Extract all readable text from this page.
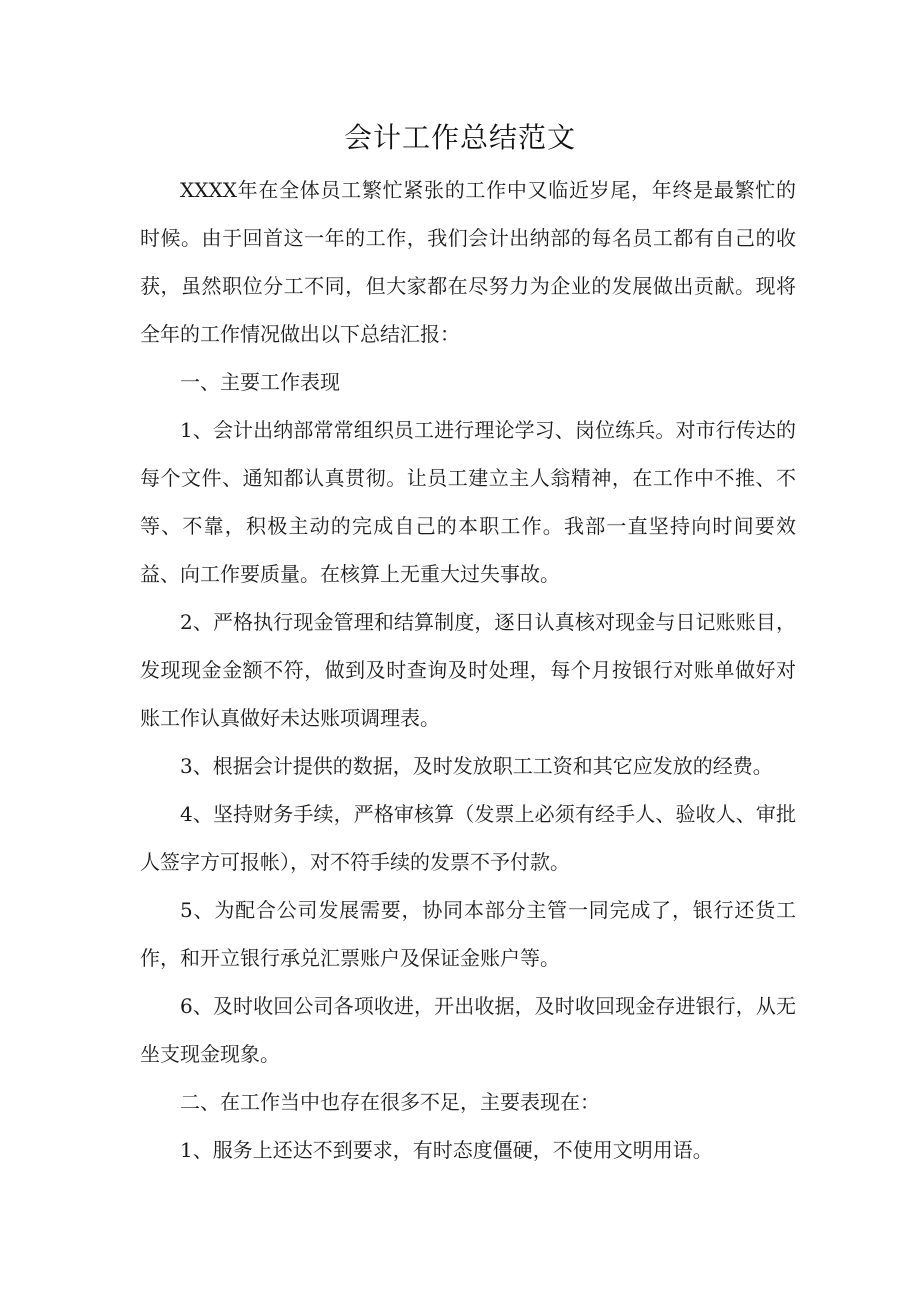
会计工作总结范文

XXXX年在全体员工繁忙紧张的工作中又临近岁尾，年终是最繁忙的时候。由于回首这一年的工作，我们会计出纳部的每名员工都有自己的收获，虽然职位分工不同，但大家都在尽努力为企业的发展做出贡献。现将全年的工作情况做出以下总结汇报：

一、主要工作表现

1、会计出纳部常常组织员工进行理论学习、岗位练兵。对市行传达的每个文件、通知都认真贯彻。让员工建立主人翁精神，在工作中不推、不等、不靠，积极主动的完成自己的本职工作。我部一直坚持向时间要效益、向工作要质量。在核算上无重大过失事故。

2、严格执行现金管理和结算制度，逐日认真核对现金与日记账账目，发现现金金额不符，做到及时查询及时处理，每个月按银行对账单做好对账工作认真做好未达账项调理表。

3、根据会计提供的数据，及时发放职工工资和其它应发放的经费。

4、坚持财务手续，严格审核算（发票上必须有经手人、验收人、审批人签字方可报帐），对不符手续的发票不予付款。

5、为配合公司发展需要，协同本部分主管一同完成了，银行还货工作，和开立银行承兑汇票账户及保证金账户等。

6、及时收回公司各项收进，开出收据，及时收回现金存进银行，从无坐支现金现象。

二、在工作当中也存在很多不足，主要表现在：

1、服务上还达不到要求，有时态度僵硬，不使用文明用语。
